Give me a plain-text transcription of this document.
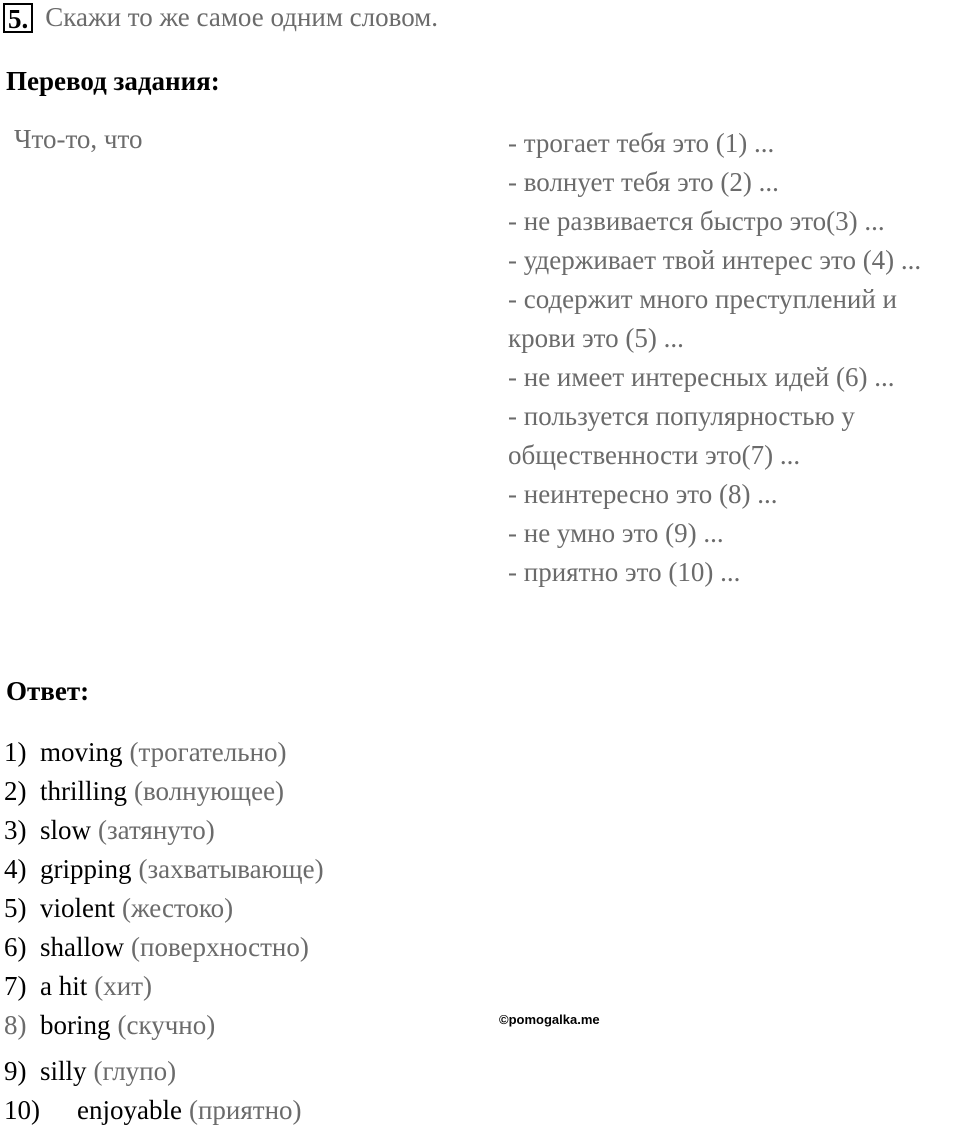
5. Скажи то же самое одним словом.
Перевод задания:
Что-то, что	- трогает тебя это (1) ...
- волнует тебя это (2) ...
- не развивается быстро это(3) ...
- удерживает твой интерес это (4) ...
- содержит много преступлений и
крови это (5) ...
- не имеет интересных идей (6) ...
- пользуется популярностью у
общественности это(7) ...
- неинтересно это (8) ...
- не умно это (9) ...
- приятно это (10) ...
Ответ:
1) moving (трогательно)
2) thrilling (волнующее)
3) slow (затянуто)
4) gripping (захватывающе)
5) violent (жестоко)
6) shallow (поверхностно)
7) a hit (хит)
8) boring (скучно)
9) silly (глупо)
10)	enjoyable (приятно)
©pomogalka.me
